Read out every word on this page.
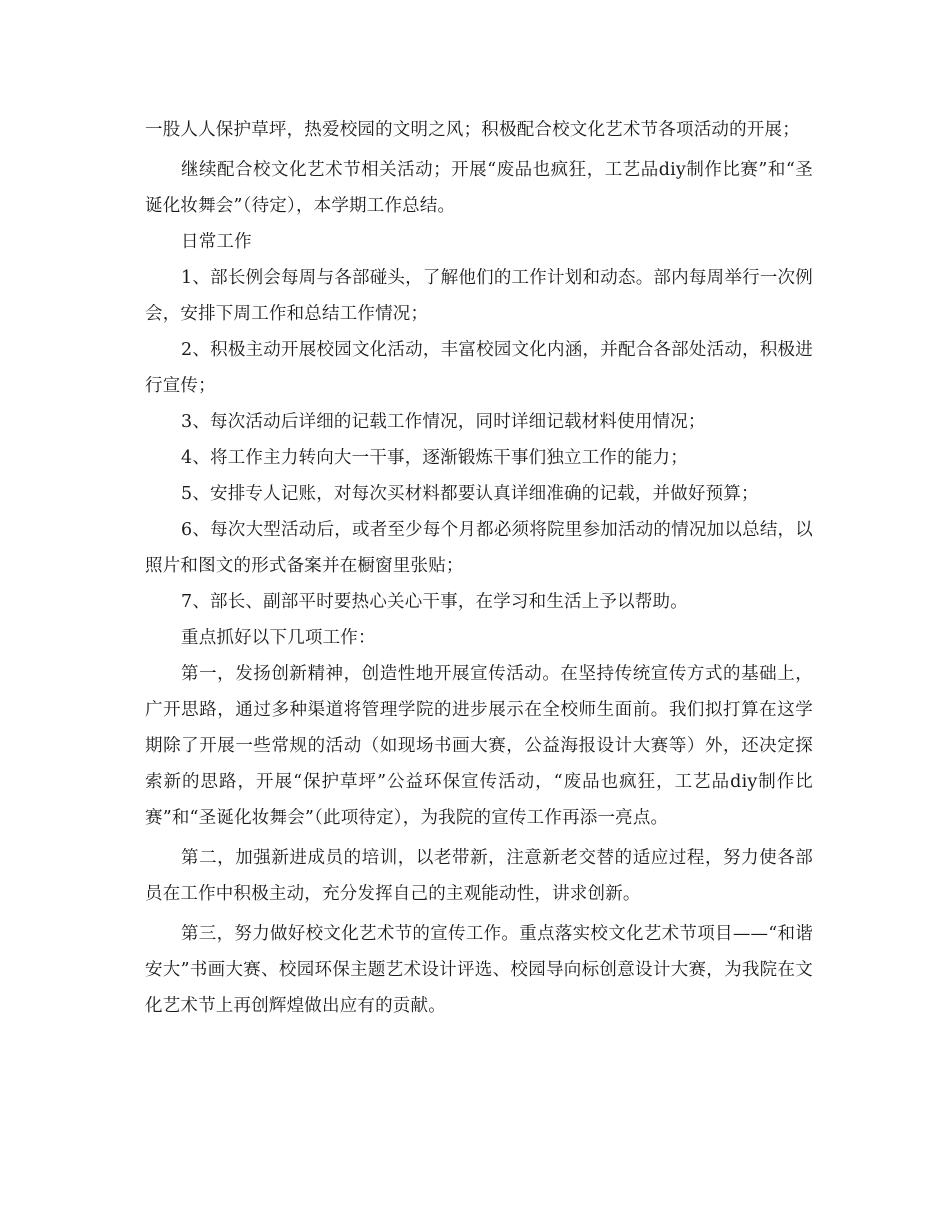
一股人人保护草坪，热爱校园的文明之风；积极配合校文化艺术节各项活动的开展；

继续配合校文化艺术节相关活动；开展“废品也疯狂，工艺品diy制作比赛”和“圣诞化妆舞会”（待定），本学期工作总结。

日常工作

1、部长例会每周与各部碰头，了解他们的工作计划和动态。部内每周举行一次例会，安排下周工作和总结工作情况；

2、积极主动开展校园文化活动，丰富校园文化内涵，并配合各部处活动，积极进行宣传；

3、每次活动后详细的记载工作情况，同时详细记载材料使用情况；

4、将工作主力转向大一干事，逐渐锻炼干事们独立工作的能力；

5、安排专人记账，对每次买材料都要认真详细准确的记载，并做好预算；

6、每次大型活动后，或者至少每个月都必须将院里参加活动的情况加以总结，以照片和图文的形式备案并在橱窗里张贴；

7、部长、副部平时要热心关心干事，在学习和生活上予以帮助。

重点抓好以下几项工作：

第一，发扬创新精神，创造性地开展宣传活动。在坚持传统宣传方式的基础上，广开思路，通过多种渠道将管理学院的进步展示在全校师生面前。我们拟打算在这学期除了开展一些常规的活动（如现场书画大赛，公益海报设计大赛等）外，还决定探索新的思路，开展“保护草坪”公益环保宣传活动，“废品也疯狂，工艺品diy制作比赛”和“圣诞化妆舞会”（此项待定），为我院的宣传工作再添一亮点。

第二，加强新进成员的培训，以老带新，注意新老交替的适应过程，努力使各部员在工作中积极主动，充分发挥自己的主观能动性，讲求创新。

第三，努力做好校文化艺术节的宣传工作。重点落实校文化艺术节项目——“和谐安大”书画大赛、校园环保主题艺术设计评选、校园导向标创意设计大赛，为我院在文化艺术节上再创辉煌做出应有的贡献。
